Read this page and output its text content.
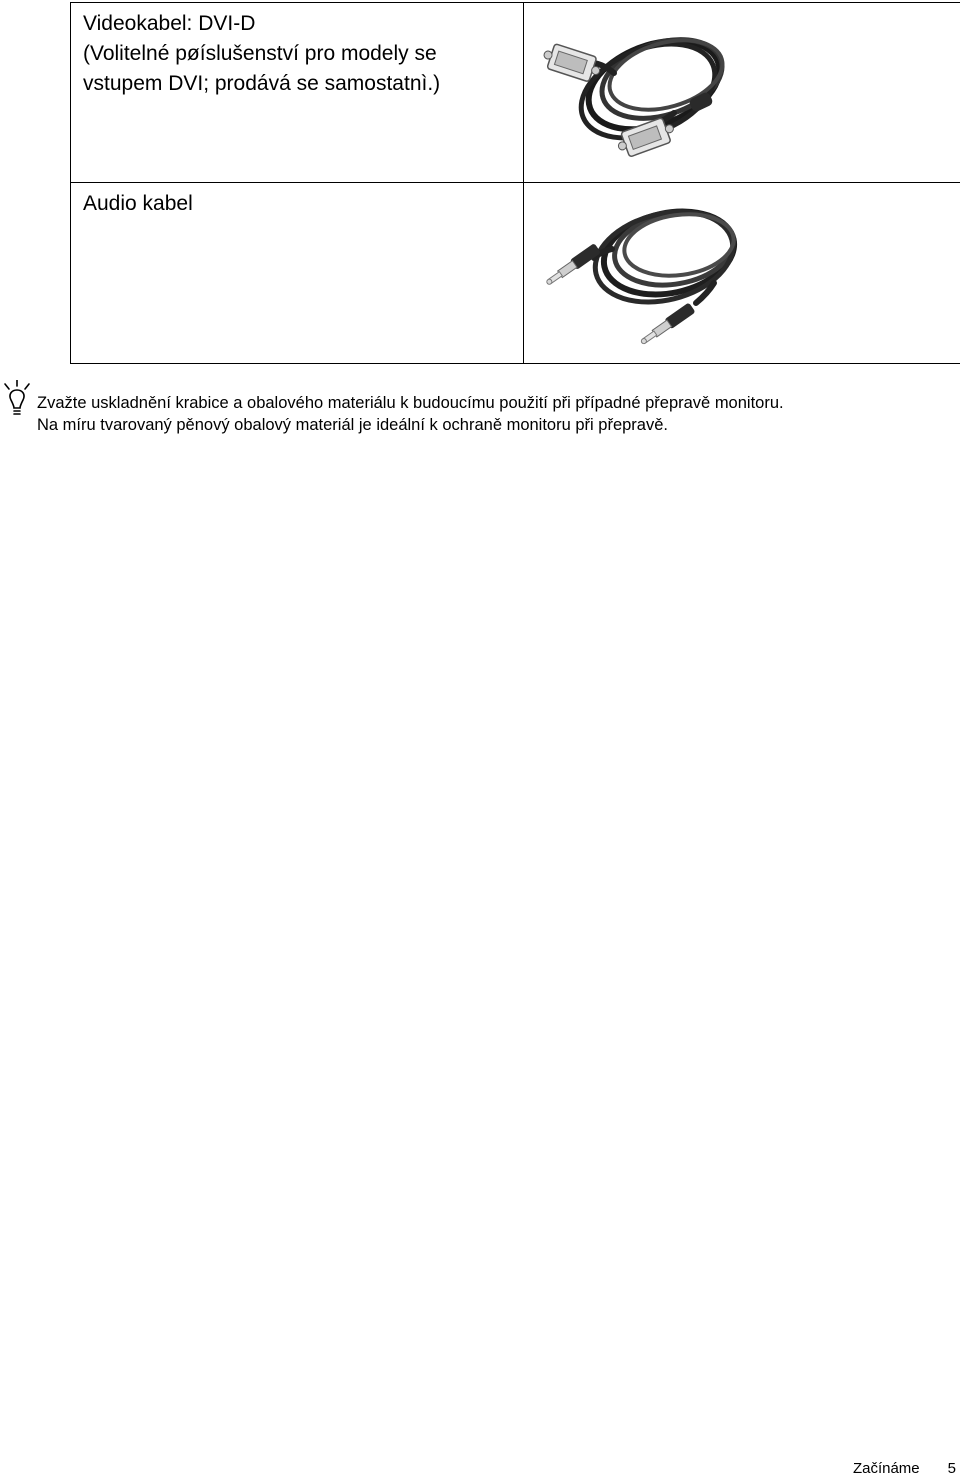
Videokabel: DVI-D
(Volitelné pøíslušenství pro modely se
vstupem DVI; prodává se samostatnì.)

Audio kabel

Zvažte uskladnění krabice a obalového materiálu k budoucímu použití při případné přepravě monitoru.
Na míru tvarovaný pěnový obalový materiál je ideální k ochraně monitoru při přepravě.
Začínáme 5
